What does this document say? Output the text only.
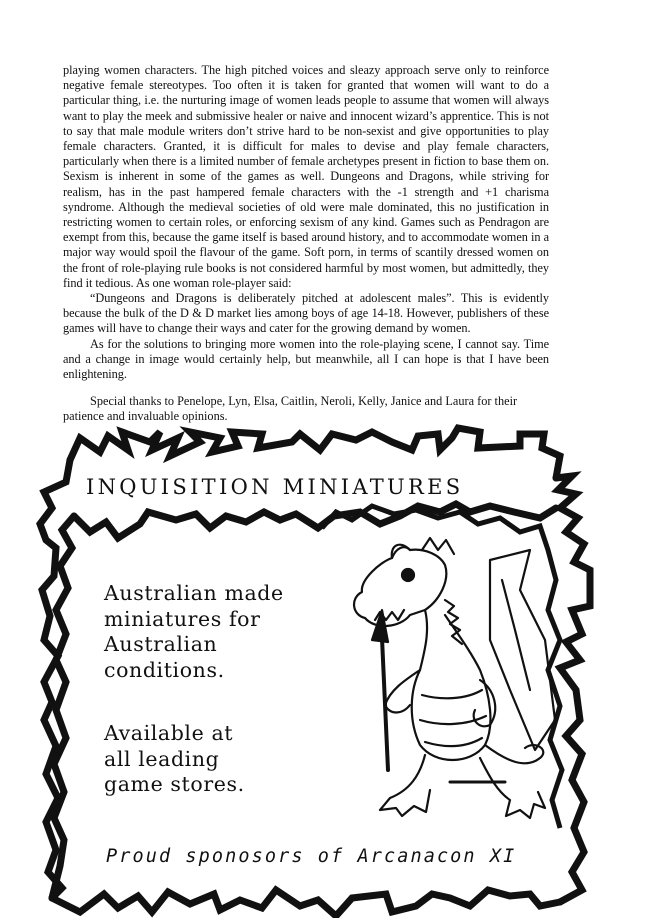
playing women characters. The high pitched voices and sleazy approach serve only to reinforce negative female stereotypes. Too often it is taken for granted that women will want to do a particular thing, i.e. the nurturing image of women leads people to assume that women will always want to play the meek and submissive healer or naive and innocent wizard’s apprentice. This is not to say that male module writers don’t strive hard to be non-sexist and give opportunities to play female characters. Granted, it is difficult for males to devise and play female characters, particularly when there is a limited number of female archetypes present in fiction to base them on. Sexism is inherent in some of the games as well. Dungeons and Dragons, while striving for realism, has in the past hampered female characters with the -1 strength and +1 charisma syndrome. Although the medieval societies of old were male dominated, this no justification in restricting women to certain roles, or enforcing sexism of any kind. Games such as Pendragon are exempt from this, because the game itself is based around history, and to accommodate women in a major way would spoil the flavour of the game. Soft porn, in terms of scantily dressed women on the front of role-playing rule books is not considered harmful by most women, but admittedly, they find it tedious. As one woman role-player said:

“Dungeons and Dragons is deliberately pitched at adolescent males”. This is evidently because the bulk of the D & D market lies among boys of age 14-18. However, publishers of these games will have to change their ways and cater for the growing demand by women.

As for the solutions to bringing more women into the role-playing scene, I cannot say. Time and a change in image would certainly help, but meanwhile, all I can hope is that I have been enlightening.

Special thanks to Penelope, Lyn, Elsa, Caitlin, Neroli, Kelly, Janice and Laura for their patience and invaluable opinions.

INQUISITION MINIATURES

Australian made

miniatures for

Australian

conditions.

Available at

all leading

game stores.

Proud sponosors of Arcanacon XI
